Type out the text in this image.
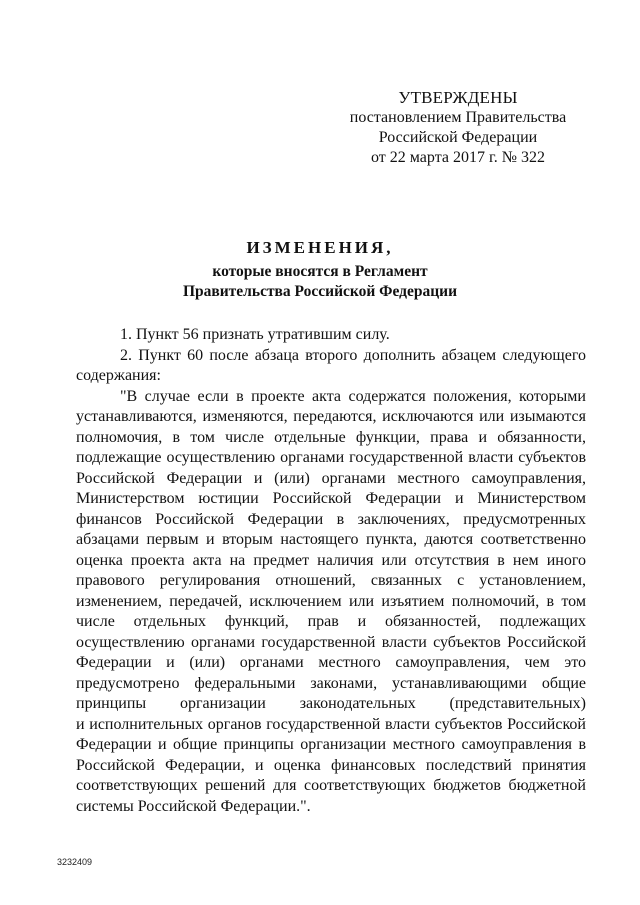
УТВЕРЖДЕНЫ
постановлением Правительства
Российской Федерации
от 22 марта 2017 г. № 322
ИЗМЕНЕНИЯ,
которые вносятся в Регламент
Правительства Российской Федерации
1. Пункт 56 признать утратившим силу.
2. Пункт 60 после абзаца второго дополнить абзацем следующего
содержания:
"В случае если в проекте акта содержатся положения, которыми
устанавливаются, изменяются, передаются, исключаются или изымаются
полномочия, в том числе отдельные функции, права и обязанности,
подлежащие осуществлению органами государственной власти субъектов
Российской Федерации и (или) органами местного самоуправления,
Министерством юстиции Российской Федерации и Министерством
финансов Российской Федерации в заключениях, предусмотренных
абзацами первым и вторым настоящего пункта, даются соответственно
оценка проекта акта на предмет наличия или отсутствия в нем иного
правового регулирования отношений, связанных с установлением,
изменением, передачей, исключением или изъятием полномочий, в том
числе отдельных функций, прав и обязанностей, подлежащих
осуществлению органами государственной власти субъектов Российской
Федерации и (или) органами местного самоуправления, чем это
предусмотрено федеральными законами, устанавливающими общие
принципы организации законодательных (представительных)
и исполнительных органов государственной власти субъектов Российской
Федерации и общие принципы организации местного самоуправления в
Российской Федерации, и оценка финансовых последствий принятия
соответствующих решений для соответствующих бюджетов бюджетной
системы Российской Федерации.".
3232409
